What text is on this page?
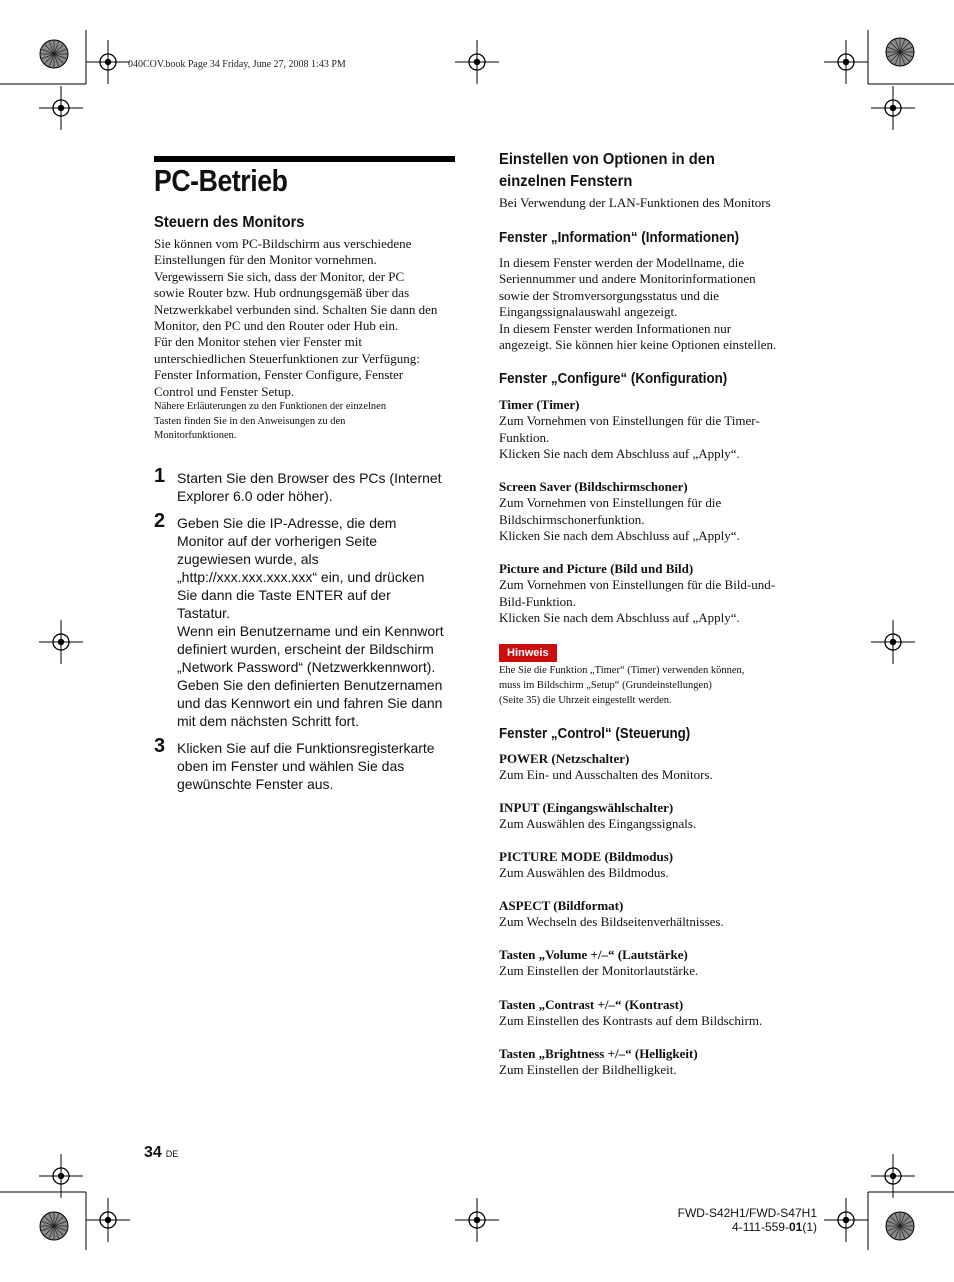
040COV.book Page 34 Friday, June 27, 2008 1:43 PM
PC-Betrieb
Steuern des Monitors
Sie können vom PC-Bildschirm aus verschiedene
Einstellungen für den Monitor vornehmen.
Vergewissern Sie sich, dass der Monitor, der PC
sowie Router bzw. Hub ordnungsgemäß über das
Netzwerkkabel verbunden sind. Schalten Sie dann den
Monitor, den PC und den Router oder Hub ein.
Für den Monitor stehen vier Fenster mit
unterschiedlichen Steuerfunktionen zur Verfügung:
Fenster Information, Fenster Configure, Fenster
Control und Fenster Setup.
Nähere Erläuterungen zu den Funktionen der einzelnen
Tasten finden Sie in den Anweisungen zu den
Monitorfunktionen.
1 Starten Sie den Browser des PCs (Internet
Explorer 6.0 oder höher).
2 Geben Sie die IP-Adresse, die dem
Monitor auf der vorherigen Seite
zugewiesen wurde, als
„http://xxx.xxx.xxx.xxx“ ein, und drücken
Sie dann die Taste ENTER auf der
Tastatur.
Wenn ein Benutzername und ein Kennwort
definiert wurden, erscheint der Bildschirm
„Network Password“ (Netzwerkkennwort).
Geben Sie den definierten Benutzernamen
und das Kennwort ein und fahren Sie dann
mit dem nächsten Schritt fort.
3 Klicken Sie auf die Funktionsregisterkarte
oben im Fenster und wählen Sie das
gewünschte Fenster aus.
Einstellen von Optionen in den
einzelnen Fenstern
Bei Verwendung der LAN-Funktionen des Monitors
Fenster „Information“ (Informationen)
In diesem Fenster werden der Modellname, die
Seriennummer und andere Monitorinformationen
sowie der Stromversorgungsstatus und die
Eingangssignalauswahl angezeigt.
In diesem Fenster werden Informationen nur
angezeigt. Sie können hier keine Optionen einstellen.
Fenster „Configure“ (Konfiguration)
Timer (Timer)
Zum Vornehmen von Einstellungen für die Timer-
Funktion.
Klicken Sie nach dem Abschluss auf „Apply“.
Screen Saver (Bildschirmschoner)
Zum Vornehmen von Einstellungen für die
Bildschirmschonerfunktion.
Klicken Sie nach dem Abschluss auf „Apply“.
Picture and Picture (Bild und Bild)
Zum Vornehmen von Einstellungen für die Bild-und-
Bild-Funktion.
Klicken Sie nach dem Abschluss auf „Apply“.
Hinweis
Ehe Sie die Funktion „Timer“ (Timer) verwenden können,
muss im Bildschirm „Setup“ (Grundeinstellungen)
(Seite 35) die Uhrzeit eingestellt werden.
Fenster „Control“ (Steuerung)
POWER (Netzschalter)
Zum Ein- und Ausschalten des Monitors.
INPUT (Eingangswählschalter)
Zum Auswählen des Eingangssignals.
PICTURE MODE (Bildmodus)
Zum Auswählen des Bildmodus.
ASPECT (Bildformat)
Zum Wechseln des Bildseitenverhältnisses.
Tasten „Volume +/–“ (Lautstärke)
Zum Einstellen der Monitorlautstärke.
Tasten „Contrast +/–“ (Kontrast)
Zum Einstellen des Kontrasts auf dem Bildschirm.
Tasten „Brightness +/–“ (Helligkeit)
Zum Einstellen der Bildhelligkeit.
34 DE
FWD-S42H1/FWD-S47H1
4-111-559-01(1)
